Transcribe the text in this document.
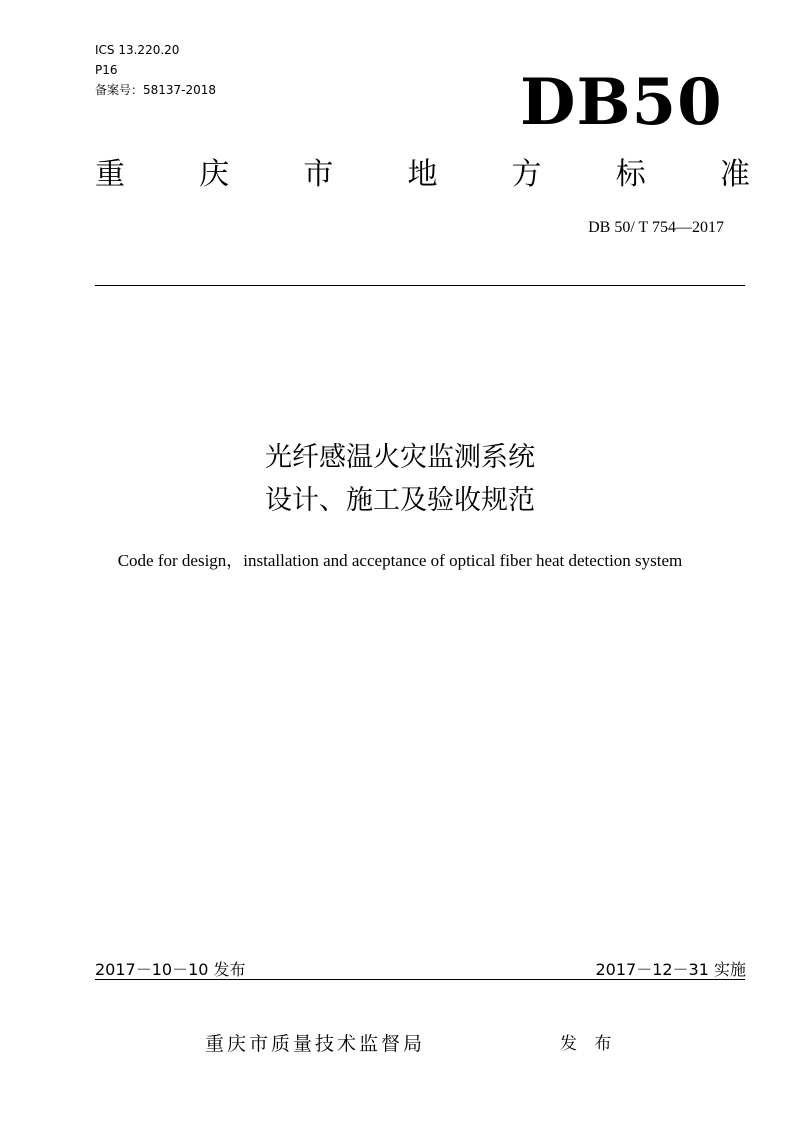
ICS 13.220.20
P16
备案号：58137-2018	DB50
重 庆 市 地 方 标 准
DB 50/ T 754—2017
光纤感温火灾监测系统
设计、施工及验收规范
Code for design，installation and acceptance of optical fiber heat detection system
2017－10－10 发布	2017－12－31 实施
重庆市质量技术监督局	发 布
